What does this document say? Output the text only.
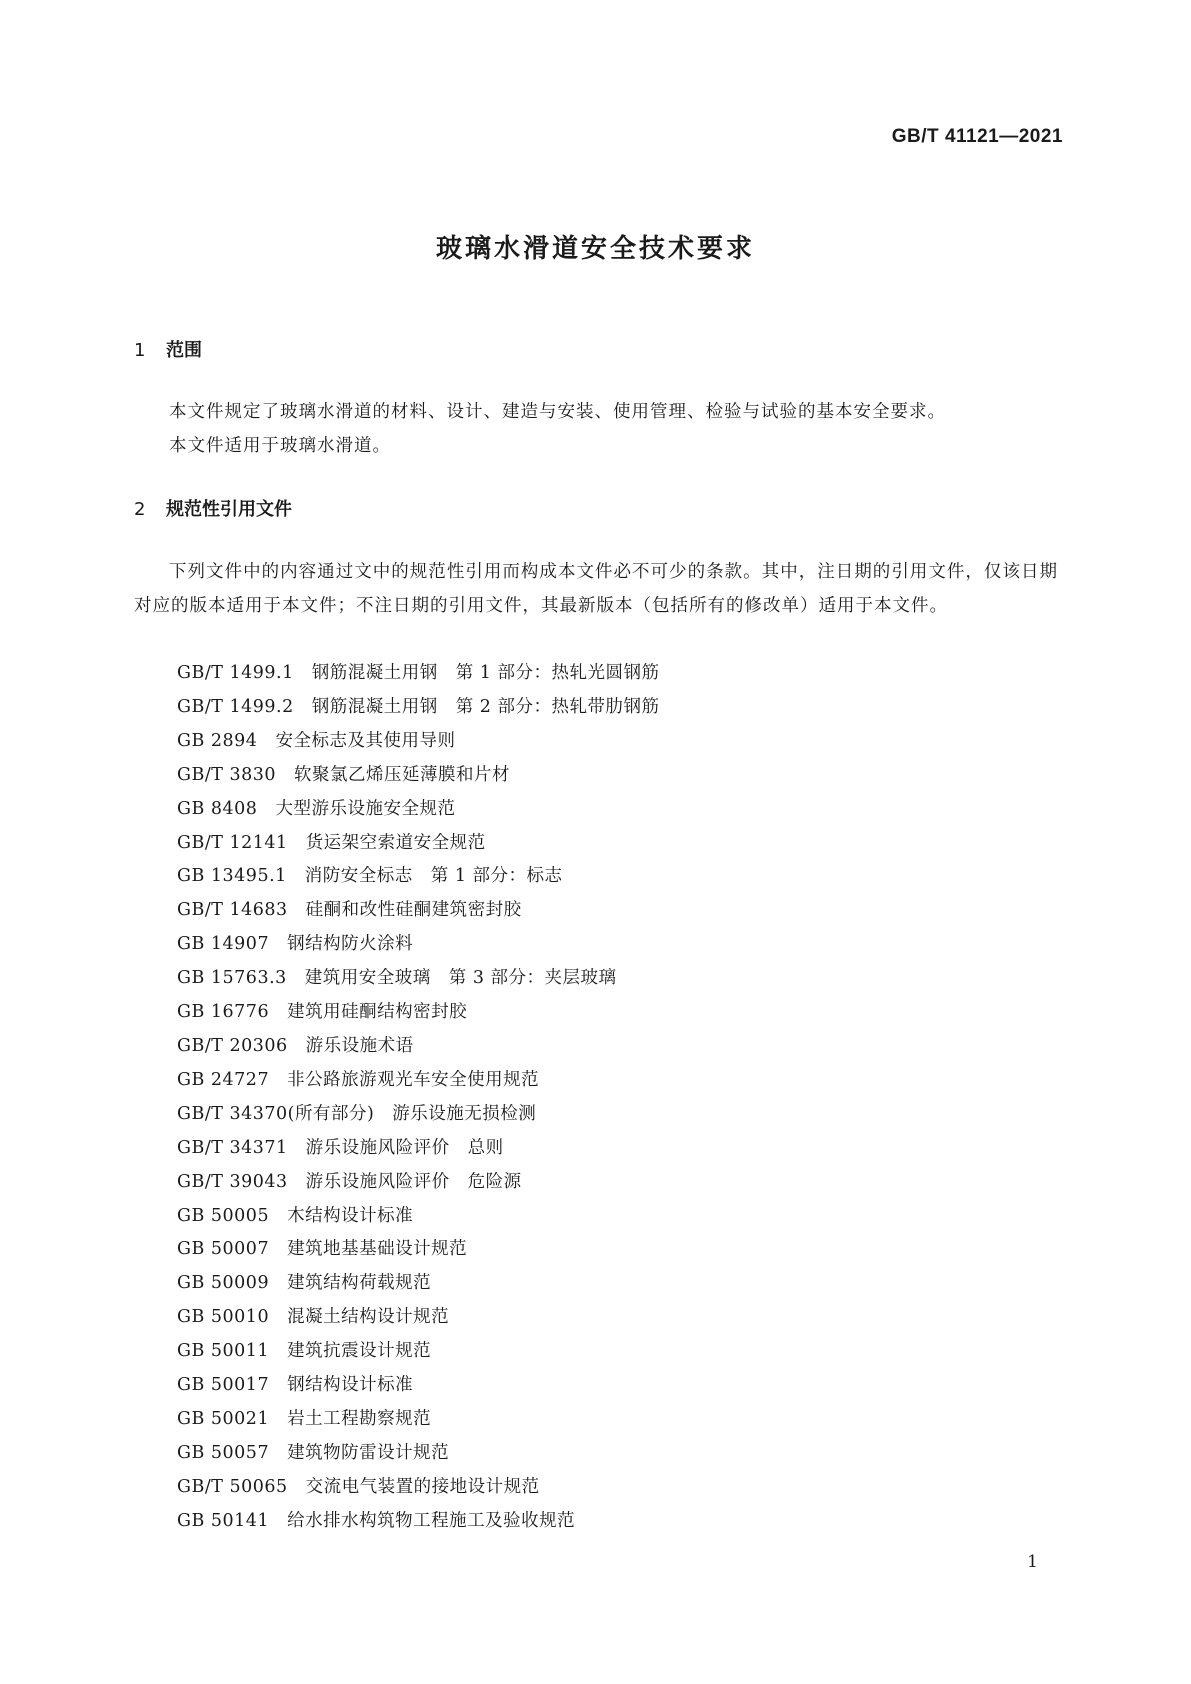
GB/T 41121—2021
玻璃水滑道安全技术要求
1 范围

本文件规定了玻璃水滑道的材料、设计、建造与安装、使用管理、检验与试验的基本安全要求。

本文件适用于玻璃水滑道。

2 规范性引用文件

下列文件中的内容通过文中的规范性引用而构成本文件必不可少的条款。其中，注日期的引用文件，仅该日期对应的版本适用于本文件；不注日期的引用文件，其最新版本（包括所有的修改单）适用于本文件。

GB/T 1499.1 钢筋混凝土用钢　第 1 部分：热轧光圆钢筋
GB/T 1499.2 钢筋混凝土用钢　第 2 部分：热轧带肋钢筋
GB 2894 安全标志及其使用导则
GB/T 3830 软聚氯乙烯压延薄膜和片材
GB 8408 大型游乐设施安全规范
GB/T 12141 货运架空索道安全规范
GB 13495.1 消防安全标志　第 1 部分：标志
GB/T 14683 硅酮和改性硅酮建筑密封胶
GB 14907 钢结构防火涂料
GB 15763.3 建筑用安全玻璃　第 3 部分：夹层玻璃
GB 16776 建筑用硅酮结构密封胶
GB/T 20306 游乐设施术语
GB 24727 非公路旅游观光车安全使用规范
GB/T 34370(所有部分) 游乐设施无损检测
GB/T 34371 游乐设施风险评价　总则
GB/T 39043 游乐设施风险评价　危险源
GB 50005 木结构设计标准
GB 50007 建筑地基基础设计规范
GB 50009 建筑结构荷载规范
GB 50010 混凝土结构设计规范
GB 50011 建筑抗震设计规范
GB 50017 钢结构设计标准
GB 50021 岩土工程勘察规范
GB 50057 建筑物防雷设计规范
GB/T 50065 交流电气装置的接地设计规范
GB 50141 给水排水构筑物工程施工及验收规范
1
